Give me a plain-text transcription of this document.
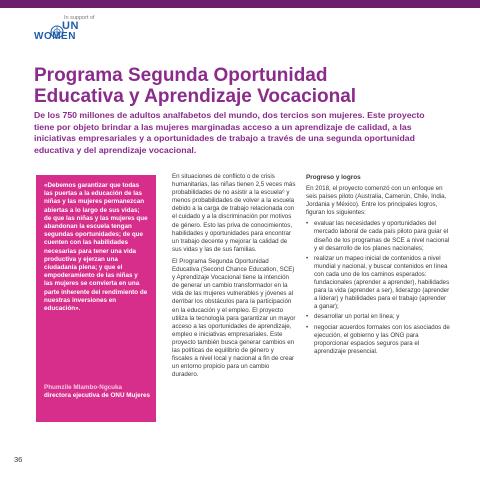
In support of
UN
WOMEN
Programa Segunda Oportunidad
Educativa y Aprendizaje Vocacional

De los 750 millones de adultos analfabetos del mundo, dos tercios son mujeres. Este proyecto tiene por objeto brindar a las mujeres marginadas acceso a un aprendizaje de calidad, a las iniciativas empresariales y a oportunidades de trabajo a través de una segunda oportunidad educativa y del aprendizaje vocacional.

«Debemos garantizar que todas las puertas a la educación de las niñas y las mujeres permanezcan abiertas a lo largo de sus vidas; de que las niñas y las mujeres que abandonan la escuela tengan segundas oportunidades; de que cuenten con las habilidades necesarias para tener una vida productiva y ejerzan una ciudadanía plena; y que el empoderamiento de las niñas y las mujeres se convierta en una parte inherente del rendimiento de nuestras inversiones en educación».

Phumzile Mlambo-Ngcuka
directora ejecutiva de ONU Mujeres

En situaciones de conflicto o de crisis humanitarias, las niñas tienen 2,5 veces más probabilidades de no asistir a la escuela⁶ y menos probabilidades de volver a la escuela debido a la carga de trabajo relacionada con el cuidado y a la discriminación por motivos de género. Esto las priva de conocimientos, habilidades y oportunidades para encontrar un trabajo decente y mejorar la calidad de sus vidas y las de sus familias.

El Programa Segunda Oportunidad Educativa (Second Chance Education, SCE) y Aprendizaje Vocacional tiene la intención de generar un cambio transformador en la vida de las mujeres vulnerables y jóvenes al derribar los obstáculos para la participación en la educación y el empleo. El proyecto utiliza la tecnología para garantizar un mayor acceso a las oportunidades de aprendizaje, empleo e iniciativas empresariales. Este proyecto también busca generar cambios en las políticas de equilibrio de género y fiscales a nivel local y nacional a fin de crear un entorno propicio para un cambio duradero.

Progreso y logros

En 2018, el proyecto comenzó con un enfoque en seis países piloto (Australia, Camerún, Chile, India, Jordania y México). Entre los principales logros, figuran los siguientes:

• evaluar las necesidades y oportunidades del mercado laboral de cada país piloto para guiar el diseño de los programas de SCE a nivel nacional y el desarrollo de los planes nacionales;
• realizar un mapeo inicial de contenidos a nivel mundial y nacional, y buscar contenidos en línea con cada uno de los caminos esperados: fundacionales (aprender a aprender), habilidades para la vida (aprender a ser), liderazgo (aprender a liderar) y habilidades para el trabajo (aprender a ganar);
• desarrollar un portal en línea; y
• negociar acuerdos formales con los asociados de ejecución, el gobierno y las ONG para proporcionar espacios seguros para el aprendizaje presencial.
36
